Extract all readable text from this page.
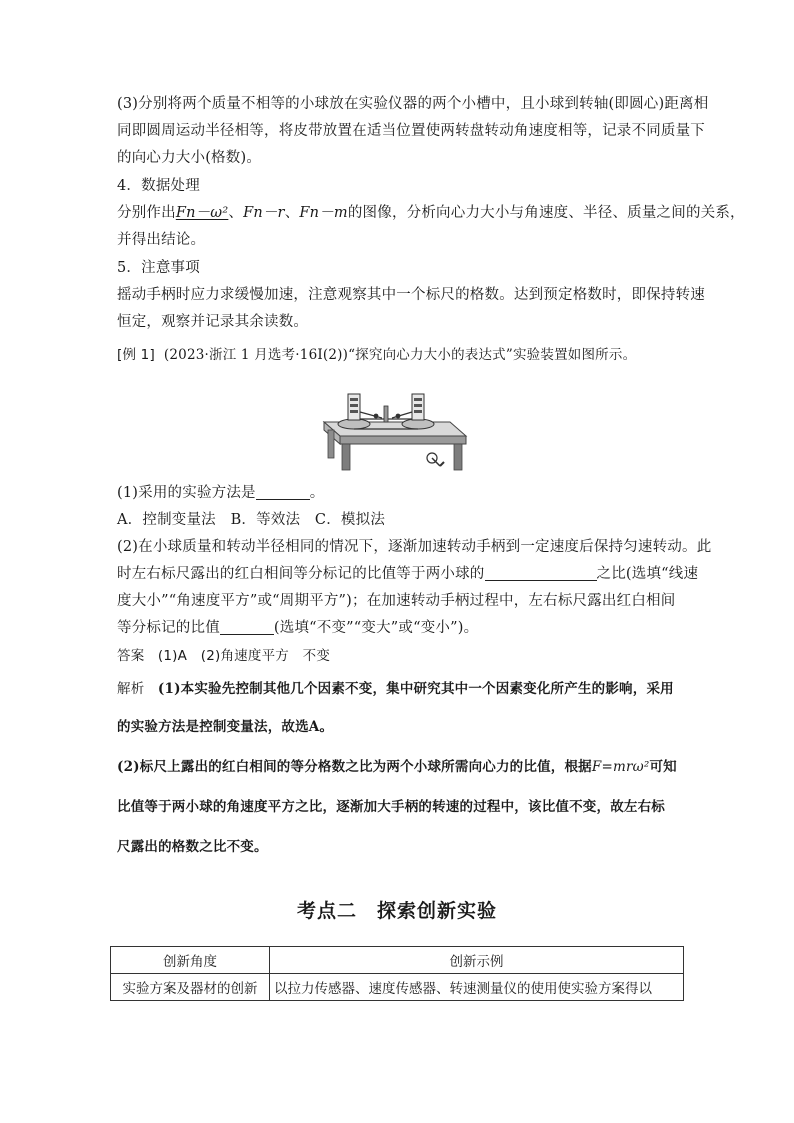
(3)分别将两个质量不相等的小球放在实验仪器的两个小槽中，且小球到转轴(即圆心)距离相
同即圆周运动半径相等，将皮带放置在适当位置使两转盘转动角速度相等，记录不同质量下
的向心力大小(格数)。
4．数据处理
分别作出Fn－ω²、Fn－r、Fn－m的图像，分析向心力大小与角速度、半径、质量之间的关系，
并得出结论。
5．注意事项
摇动手柄时应力求缓慢加速，注意观察其中一个标尺的格数。达到预定格数时，即保持转速
恒定，观察并记录其余读数。
[例 1] (2023·浙江 1 月选考·16Ⅰ(2))“探究向心力大小的表达式”实验装置如图所示。
(1)采用的实验方法是	。
A．控制变量法　B．等效法　C．模拟法
(2)在小球质量和转动半径相同的情况下，逐渐加速转动手柄到一定速度后保持匀速转动。此
时左右标尺露出的红白相间等分标记的比值等于两小球的	之比(选填“线速
度大小”“角速度平方”或“周期平方”)；在加速转动手柄过程中，左右标尺露出红白相间
等分标记的比值	(选填“不变”“变大”或“变小”)。
答案 (1)A　(2)角速度平方　不变
解析 (1)本实验先控制其他几个因素不变，集中研究其中一个因素变化所产生的影响，采用
的实验方法是控制变量法，故选A。
(2)标尺上露出的红白相间的等分格数之比为两个小球所需向心力的比值，根据F=mrω²可知
比值等于两小球的角速度平方之比，逐渐加大手柄的转速的过程中，该比值不变，故左右标
尺露出的格数之比不变。
考点二　探索创新实验
创新角度	创新示例
实验方案及器材的创新	以拉力传感器、速度传感器、转速测量仪的使用使实验方案得以
